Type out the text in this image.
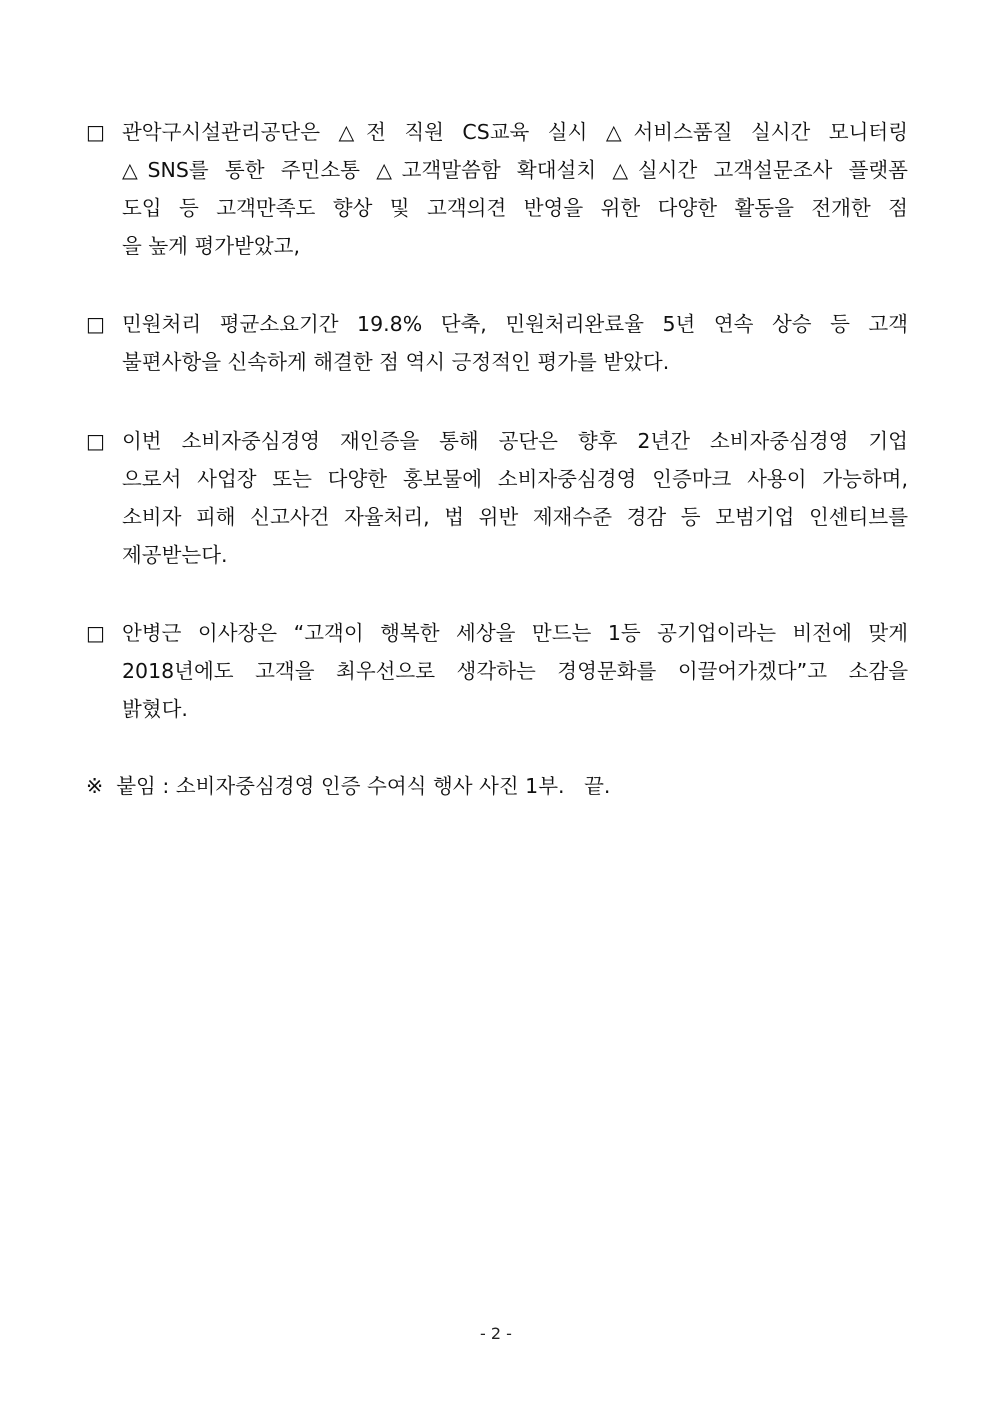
□ 관악구시설관리공단은 △전 직원 CS교육 실시 △서비스품질 실시간 모니터링
△SNS를 통한 주민소통 △고객말씀함 확대설치 △실시간 고객설문조사 플랫폼
도입 등 고객만족도 향상 및 고객의견 반영을 위한 다양한 활동을 전개한 점
을 높게 평가받았고,
□ 민원처리 평균소요기간 19.8% 단축, 민원처리완료율 5년 연속 상승 등 고객
불편사항을 신속하게 해결한 점 역시 긍정적인 평가를 받았다.
□ 이번 소비자중심경영 재인증을 통해 공단은 향후 2년간 소비자중심경영 기업
으로서 사업장 또는 다양한 홍보물에 소비자중심경영 인증마크 사용이 가능하며,
소비자 피해 신고사건 자율처리, 법 위반 제재수준 경감 등 모범기업 인센티브를
제공받는다.
□ 안병근 이사장은 “고객이 행복한 세상을 만드는 1등 공기업이라는 비전에 맞게
2018년에도 고객을 최우선으로 생각하는 경영문화를 이끌어가겠다”고 소감을
밝혔다.
※  붙임 : 소비자중심경영 인증 수여식 행사 사진 1부.   끝.
- 2 -
